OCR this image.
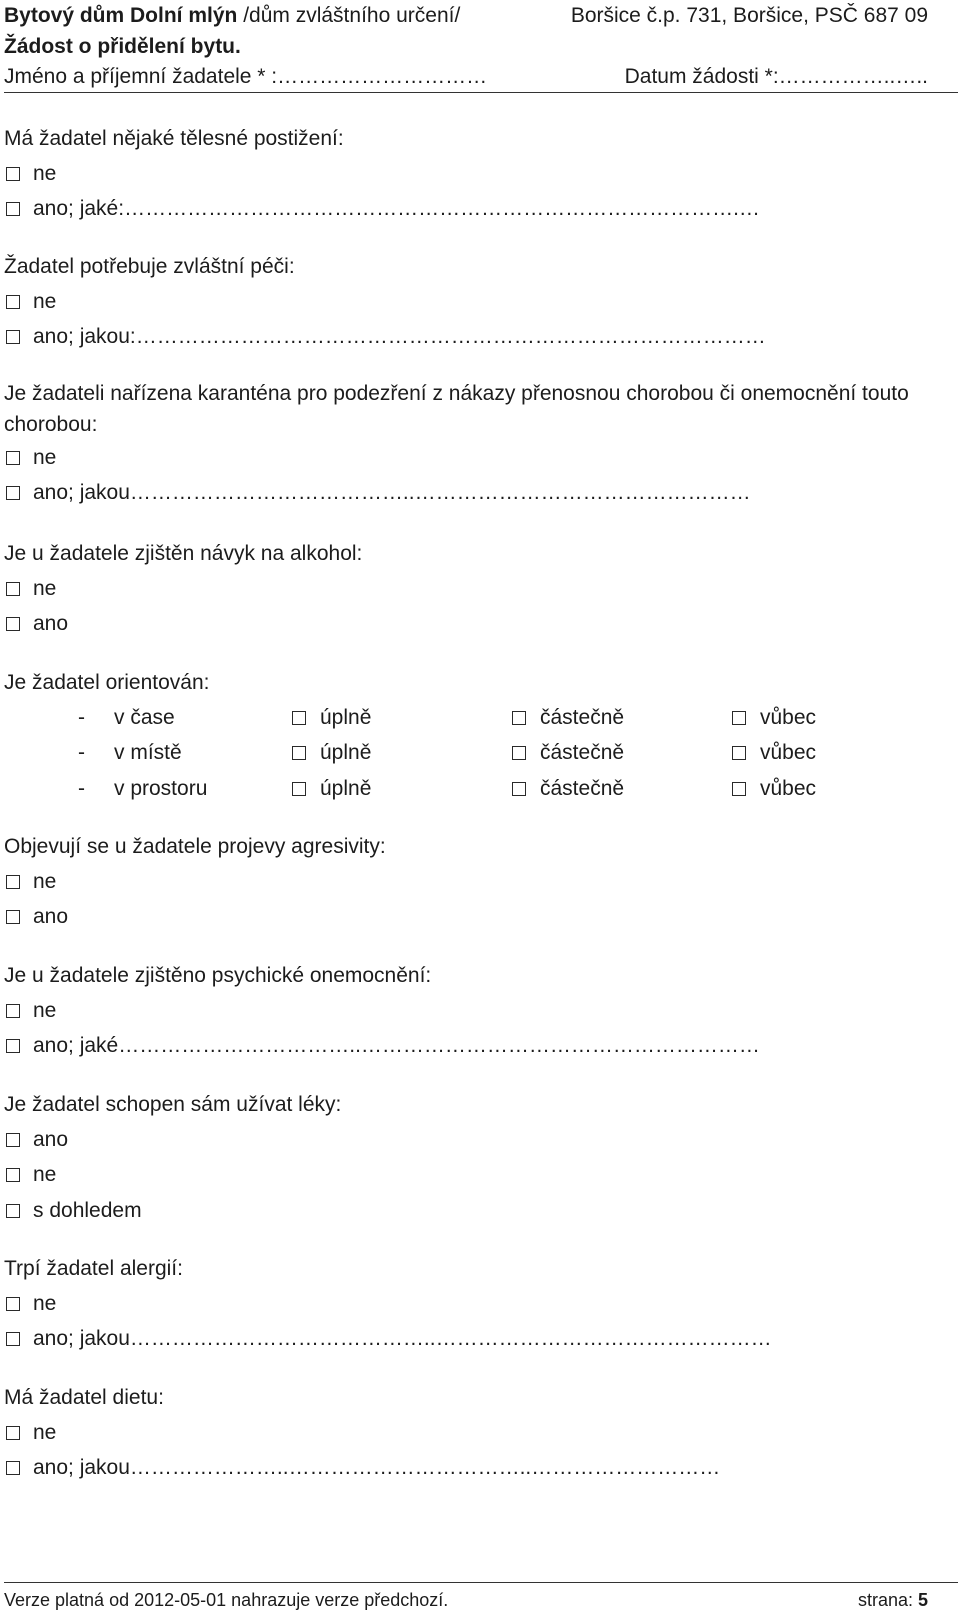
Bytový dům Dolní mlýn /dům zvláštního určení/	Boršice č.p. 731, Boršice, PSČ 687 09
Žádost o přidělení bytu.
Jméno a příjemní žadatele * :…………………………	Datum žádosti *:……………..…..
Má žadatel nějaké tělesné postižení:
ne
ano; jaké:…………………………………………………………………………….…
Žadatel potřebuje zvláštní péči:
ne
ano; jakou:………………………………………………………………………………
Je žadateli nařízena karanténa pro podezření z nákazy přenosnou chorobou či onemocnění touto chorobou:
ne
ano; jakou…………………………………..…………………………………………
Je u žadatele zjištěn návyk na alkohol:
ne
ano
Je žadatel orientován:
-	v čase	úplně	částečně	vůbec
-	v místě	úplně	částečně	vůbec
-	v prostoru	úplně	částečně	vůbec
Objevují se u žadatele projevy agresivity:
ne
ano
Je u žadatele zjištěno psychické onemocnění:
ne
ano; jaké……………………………..…………………………………………………
Je žadatel schopen sám užívat léky:
ano
ne
s dohledem
Trpí žadatel alergií:
ne
ano; jakou……………………………………..…………………………………………
Má žadatel dietu:
ne
ano; jakou…………………..……………………………..………………………
Verze platná od 2012-05-01 nahrazuje verze předchozí.	strana: 5
